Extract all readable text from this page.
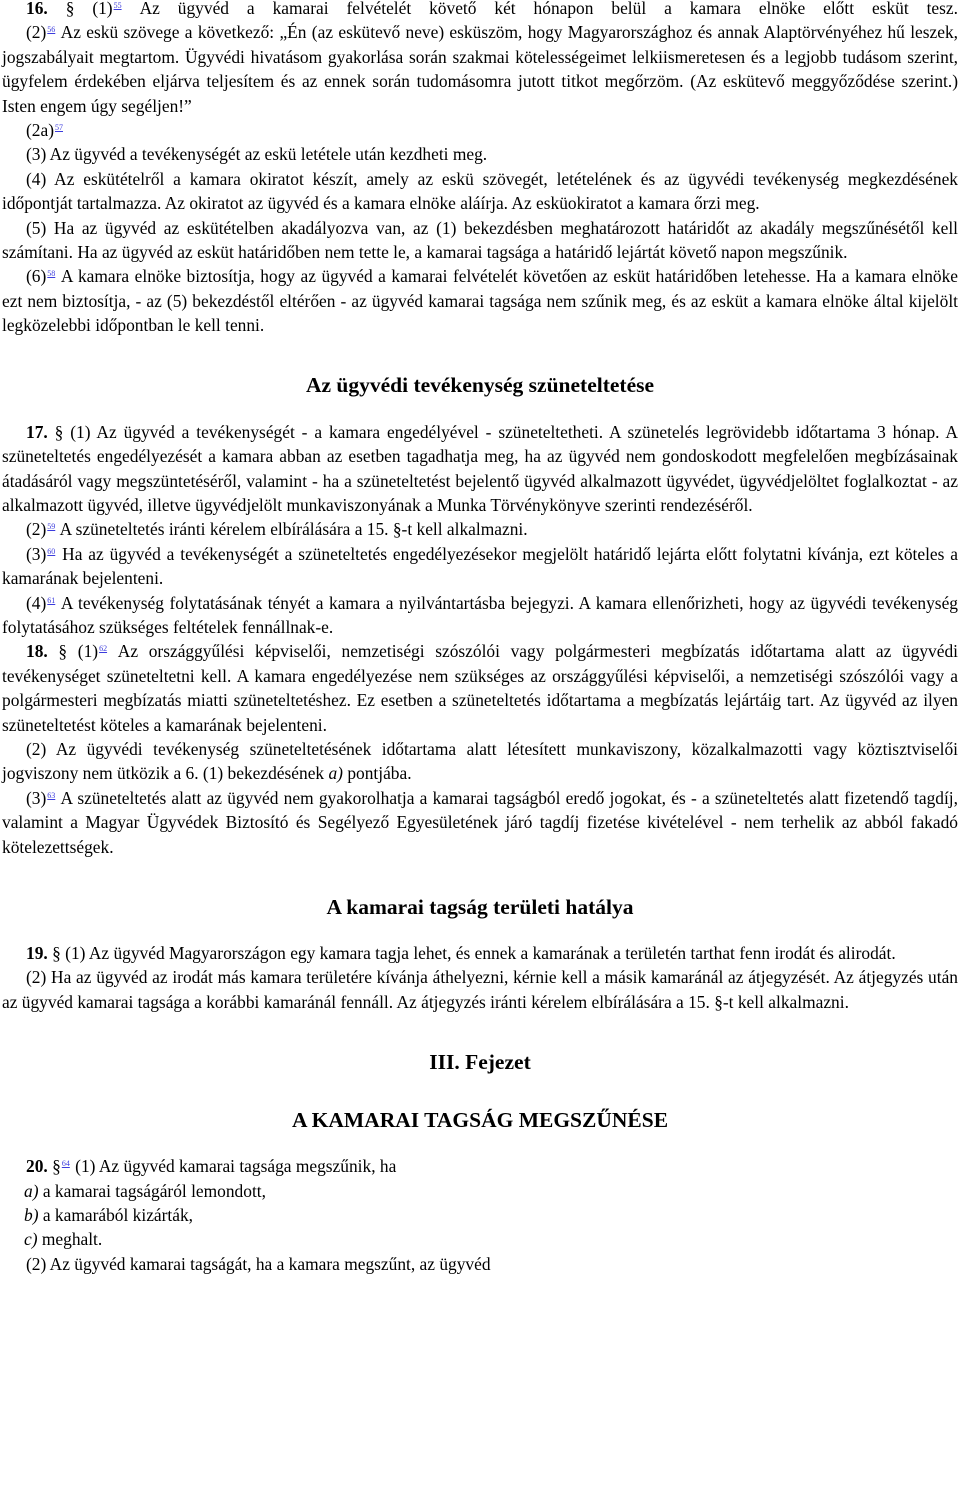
16. § (1)$^{55}$ Az ügyvéd a kamarai felvételét követő két hónapon belül a kamara elnöke előtt esküt tesz.

(2)$^{56}$ Az eskü szövege a következő: „Én (az esküt​evő neve) esküszöm, hogy Magyarországhoz és annak Alaptörvényéhez hű leszek, jogszabályait megtartom. Ügyvédi hivatásom gyakorlása során szakmai kötelességeimet lelkiismeretesen és a legjobb tudásom szerint, ügyfelem érdekében eljárva teljesítem és az ennek során tudomásomra jutott titkot megőrzöm. (Az esküt​evő meggyőződése szerint.) Isten engem úgy segéljen!”

(2a)$^{57}$

(3) Az ügyvéd a tevékenységét az eskü letétele után kezdheti meg.

(4) Az eskütételről a kamara okiratot készít, amely az eskü szövegét, letételének és az ügyvédi tevékenység megkezdésének időpontját tartalmazza. Az okiratot az ügyvéd és a kamara elnöke aláírja. Az esküokiratot a kamara őrzi meg.

(5) Ha az ügyvéd az eskütételben akadályozva van, az (1) bekezdésben meghatározott határidőt az akadály megszűnésétől kell számítani. Ha az ügyvéd az esküt határidőben nem tette le, a kamarai tagsága a határidő lejártát követő napon megszűnik.

(6)$^{58}$ A kamara elnöke biztosítja, hogy az ügyvéd a kamarai felvételét követően az esküt határidőben letehesse. Ha a kamara elnöke ezt nem biztosítja, - az (5) bekezdéstől eltérően - az ügyvéd kamarai tagsága nem szűnik meg, és az esküt a kamara elnöke által kijelölt legközelebbi időpontban le kell tenni.

Az ügyvédi tevékenység szüneteltetése

17. § (1) Az ügyvéd a tevékenységét - a kamara engedélyével - szüneteltetheti. A szünetelés legrövidebb időtartama 3 hónap. A szüneteltetés engedélyezését a kamara abban az esetben tagadhatja meg, ha az ügyvéd nem gondoskodott megfelelően megbízásainak átadásáról vagy megszüntetéséről, valamint - ha a szüneteltetést bejelentő ügyvéd alkalmazott ügyvédet, ügyvédjelöltet foglalkoztat - az alkalmazott ügyvéd, illetve ügyvédjelölt munkaviszonyának a Munka Törvénykönyve szerinti rendezéséről.

(2)$^{59}$ A szüneteltetés iránti kérelem elbírálására a 15. §-t kell alkalmazni.

(3)$^{60}$ Ha az ügyvéd a tevékenységét a szüneteltetés engedélyezésekor megjelölt határidő lejárta előtt folytatni kívánja, ezt köteles a kamarának bejelenteni.

(4)$^{61}$ A tevékenység folytatásának tényét a kamara a nyilvántartásba bejegyzi. A kamara ellenőrizheti, hogy az ügyvédi tevékenység folytatásához szükséges feltételek fennállnak-e.

18. § (1)$^{62}$ Az országgyűlési képviselői, nemzetiségi szószólói vagy polgármesteri megbízatás időtartama alatt az ügyvédi tevékenységet szüneteltetni kell. A kamara engedélyezése nem szükséges az országgyűlési képviselői, a nemzetiségi szószólói vagy a polgármesteri megbízatás miatti szüneteltetéshez. Ez esetben a szüneteltetés időtartama a megbízatás lejártáig tart. Az ügyvéd az ilyen szüneteltetést köteles a kamarának bejelenteni.

(2) Az ügyvédi tevékenység szüneteltetésének időtartama alatt létesített munkaviszony, közalkalmazotti vagy köztisztviselői jogviszony nem ütközik a 6. (1) bekezdésének a) pontjába.

(3)$^{63}$ A szüneteltetés alatt az ügyvéd nem gyakorolhatja a kamarai tagságból eredő jogokat, és - a szüneteltetés alatt fizetendő tagdíj, valamint a Magyar Ügyvédek Biztosító és Segélyező Egyesületének járó tagdíj fizetése kivételével - nem terhelik az abból fakadó kötelezettségek.

A kamarai tagság területi hatálya

19. § (1) Az ügyvéd Magyarországon egy kamara tagja lehet, és ennek a kamarának a területén tarthat fenn irodát és alirodát.

(2) Ha az ügyvéd az irodát más kamara területére kívánja áthelyezni, kérnie kell a másik kamaránál az átjegyzését. Az átjegyzés után az ügyvéd kamarai tagsága a korábbi kamaránál fennáll. Az átjegyzés iránti kérelem elbírálására a 15. §-t kell alkalmazni.

III. Fejezet
A KAMARAI TAGSÁG MEGSZŰNÉSE

20. §$^{64}$ (1) Az ügyvéd kamarai tagsága megszűnik, ha

a) a kamarai tagságáról lemondott,

b) a kamarából kizárták,

c) meghalt.

(2) Az ügyvéd kamarai tagságát, ha a kamara megszűnt, az ügyvéd
